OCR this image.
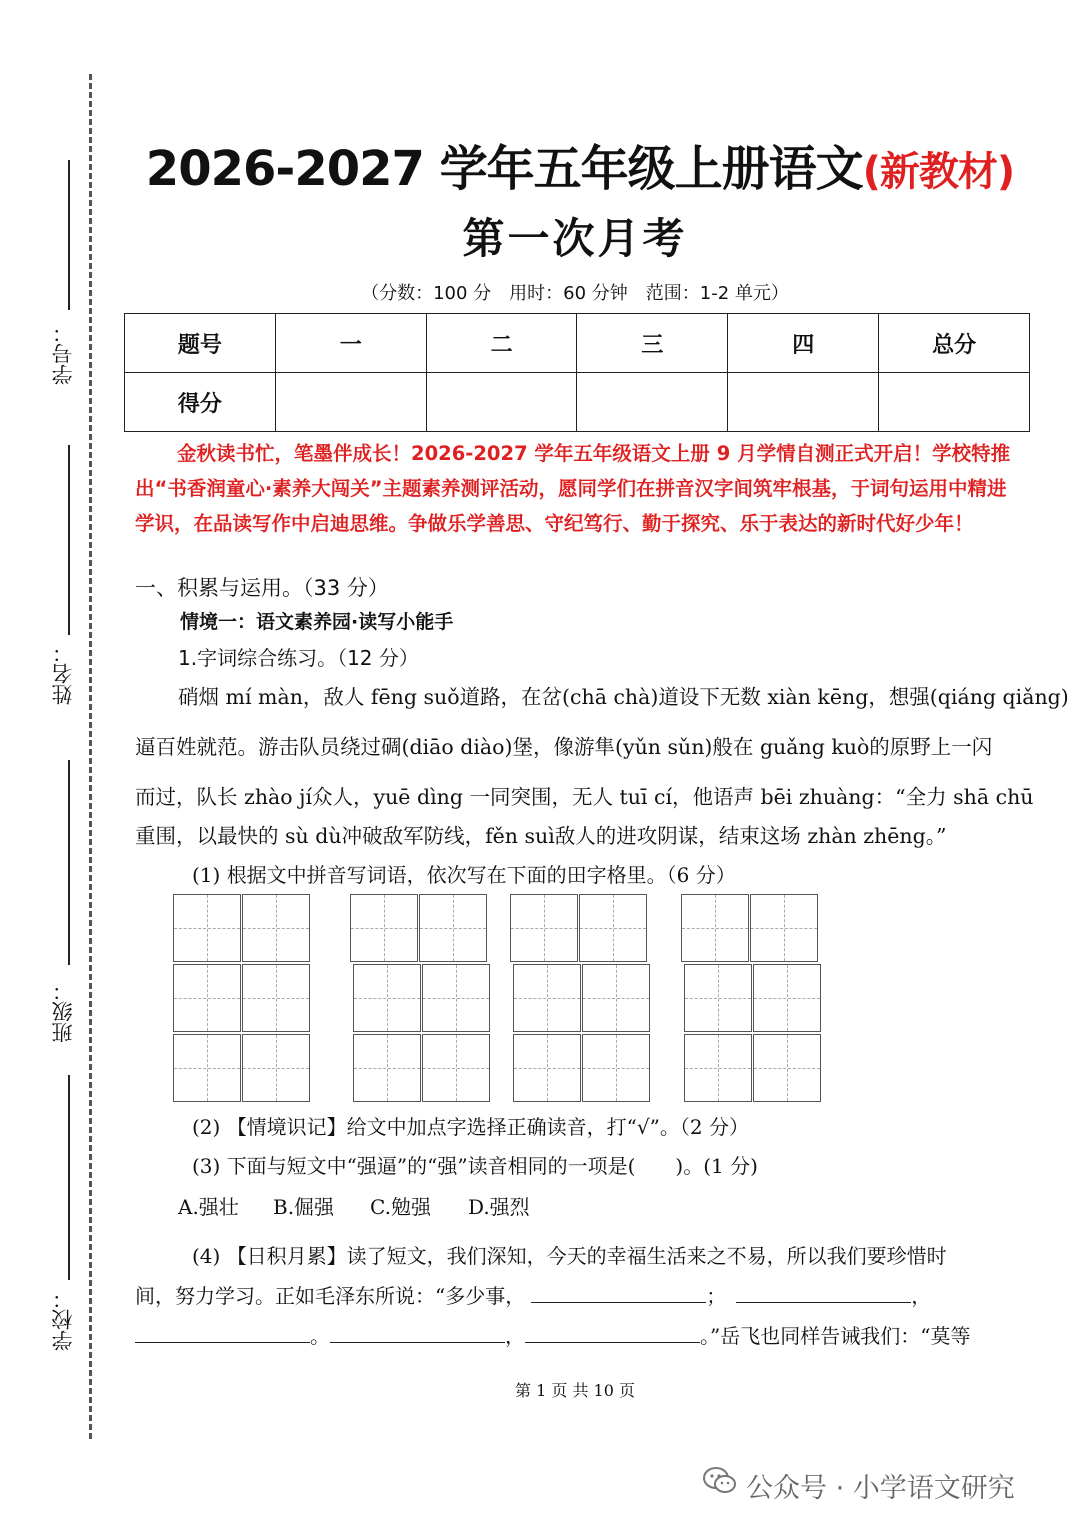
学号：
姓名：
班级：
学校：
2026-2027 学年五年级上册语文(新教材)
第一次月考
（分数：100 分　用时：60 分钟　范围：1-2 单元）
题号	一	二	三	四	总分
得分					
金秋读书忙，笔墨伴成长！2026-2027 学年五年级语文上册 9 月学情自测正式开启！学校特推出“书香润童心·素养大闯关”主题素养测评活动，愿同学们在拼音汉字间筑牢根基，于词句运用中精进学识，在品读写作中启迪思维。争做乐学善思、守纪笃行、勤于探究、乐于表达的新时代好少年！
一、积累与运用。（33 分）
情境一：语文素养园·读写小能手
1.字词综合练习。（12 分）
硝烟 mí màn，敌人 fēng suǒ道路，在岔(chā chà)道设下无数 xiàn kēng，想强(qiáng qiǎng)
逼百姓就范。游击队员绕过碉(diāo diào)堡，像游隼(yǔn sǔn)般在 guǎng kuò的原野上一闪
而过，队长 zhào jí众人，yuē dìng 一同突围，无人 tuī cí，他语声 bēi zhuàng：“全力 shā chū
重围，以最快的 sù dù冲破敌军防线，fěn suì敌人的进攻阴谋，结束这场 zhàn zhēng。”
(1) 根据文中拼音写词语，依次写在下面的田字格里。（6 分）
(2) 【情境识记】给文中加点字选择正确读音，打“√”。（2 分）
(3) 下面与短文中“强逼”的“强”读音相同的一项是(　　)。(1 分)
A.强壮 B.倔强 C.勉强 D.强烈
(4) 【日积月累】读了短文，我们深知，今天的幸福生活来之不易，所以我们要珍惜时
间，努力学习。正如毛泽东所说：“多少事，	；	，
。	，	。”岳飞也同样告诫我们：“莫等
第 1 页 共 10 页
公众号 · 小学语文研究
